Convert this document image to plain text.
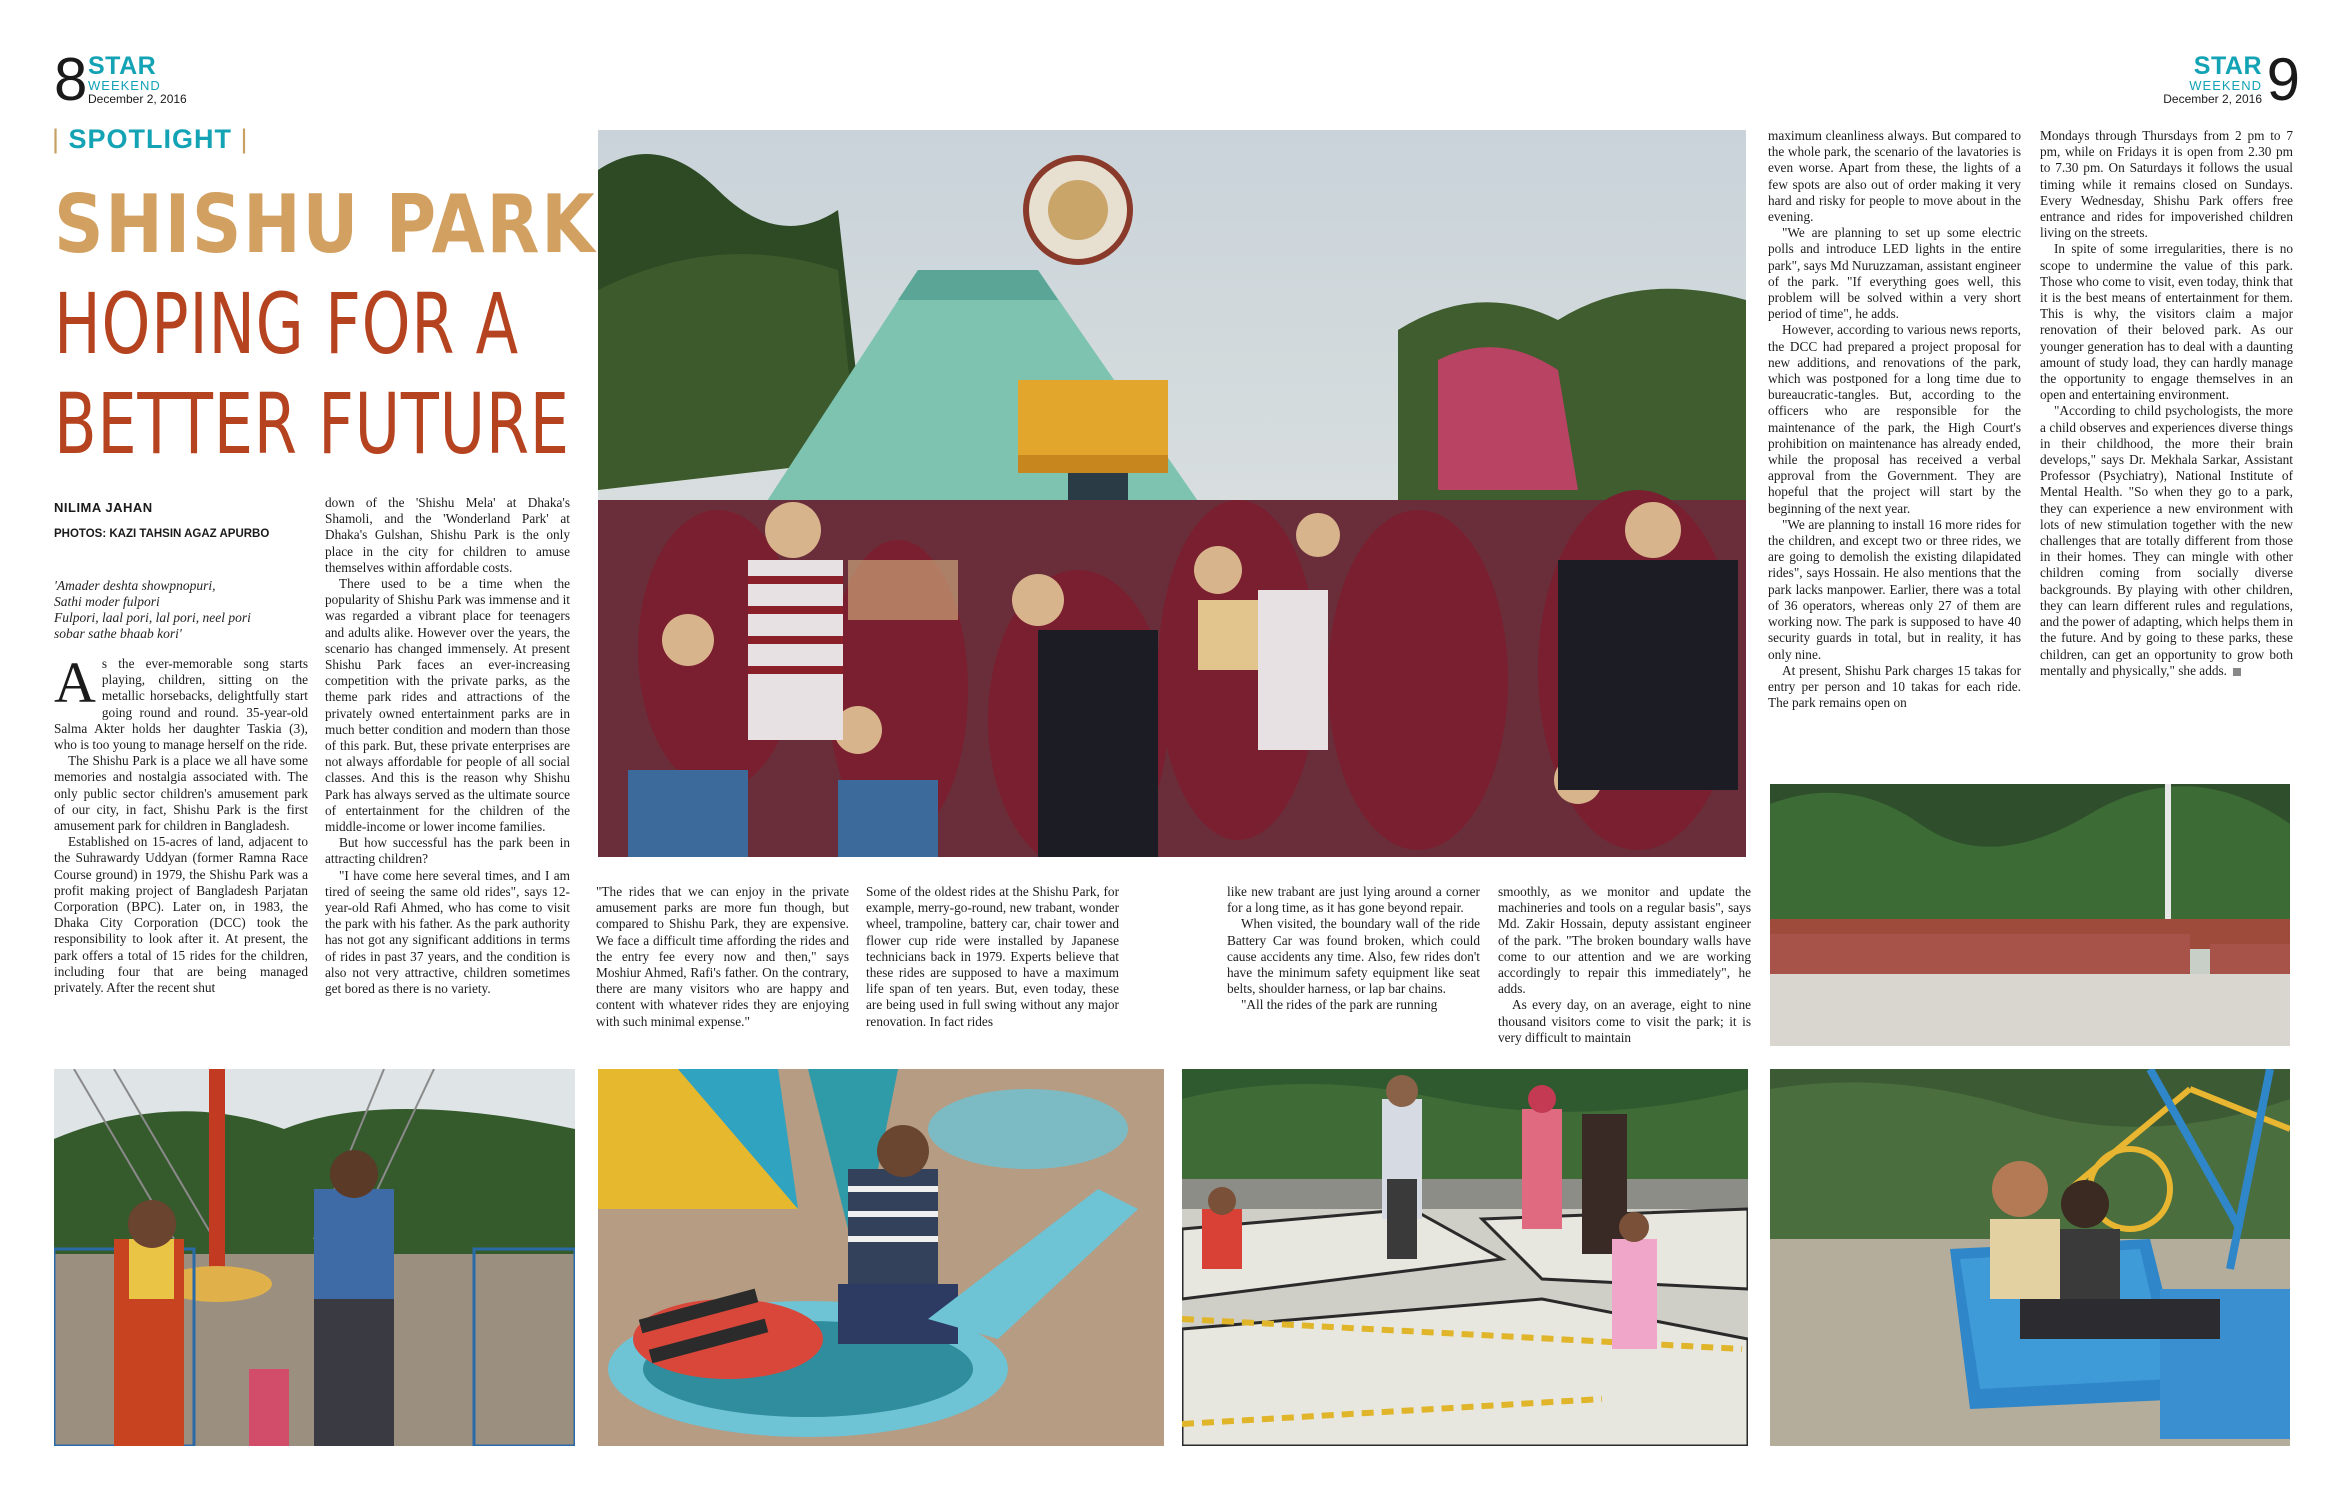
8 STAR
WEEKEND
December 2, 2016
STAR
WEEKEND
December 2, 2016 9
| SPOTLIGHT |
SHISHU PARK
HOPING FOR A
BETTER FUTURE
NILIMA JAHAN
PHOTOS: KAZI TAHSIN AGAZ APURBO
'Amader deshta showpnopuri,
Sathi moder fulpori
Fulpori, laal pori, lal pori, neel pori
sobar sathe bhaab kori'

As the ever-memorable song starts playing, children, sitting on the metallic horsebacks, delightfully start going round and round. 35-year-old Salma Akter holds her daughter Taskia (3), who is too young to manage herself on the ride.

The Shishu Park is a place we all have some memories and nostalgia associated with. The only public sector children's amusement park of our city, in fact, Shishu Park is the first amusement park for children in Bangladesh.

Established on 15-acres of land, adjacent to the Suhrawardy Uddyan (former Ramna Race Course ground) in 1979, the Shishu Park was a profit making project of Bangladesh Parjatan Corporation (BPC). Later on, in 1983, the Dhaka City Corporation (DCC) took the responsibility to look after it. At present, the park offers a total of 15 rides for the children, including four that are being managed privately. After the recent shut

down of the 'Shishu Mela' at Dhaka's Shamoli, and the 'Wonderland Park' at Dhaka's Gulshan, Shishu Park is the only place in the city for children to amuse themselves within affordable costs.

There used to be a time when the popularity of Shishu Park was immense and it was regarded a vibrant place for teenagers and adults alike. However over the years, the scenario has changed immensely. At present Shishu Park faces an ever-increasing competition with the private parks, as the theme park rides and attractions of the privately owned entertainment parks are in much better condition and modern than those of this park. But, these private enterprises are not always affordable for people of all social classes. And this is the reason why Shishu Park has always served as the ultimate source of entertainment for the children of the middle-income or lower income families.

But how successful has the park been in attracting children?

"I have come here several times, and I am tired of seeing the same old rides", says 12-year-old Rafi Ahmed, who has come to visit the park with his father. As the park authority has not got any significant additions in terms of rides in past 37 years, and the condition is also not very attractive, children sometimes get bored as there is no variety.

"The rides that we can enjoy in the private amusement parks are more fun though, but compared to Shishu Park, they are expensive. We face a difficult time affording the rides and the entry fee every now and then," says Moshiur Ahmed, Rafi's father. On the contrary, there are many visitors who are happy and content with whatever rides they are enjoying with such minimal expense."

Some of the oldest rides at the Shishu Park, for example, merry-go-round, new trabant, wonder wheel, trampoline, battery car, chair tower and flower cup ride were installed by Japanese technicians back in 1979. Experts believe that these rides are supposed to have a maximum life span of ten years. But, even today, these are being used in full swing without any major renovation. In fact rides

like new trabant are just lying around a corner for a long time, as it has gone beyond repair.

When visited, the boundary wall of the ride Battery Car was found broken, which could cause accidents any time. Also, few rides don't have the minimum safety equipment like seat belts, shoulder harness, or lap bar chains.

"All the rides of the park are running

smoothly, as we monitor and update the machineries and tools on a regular basis", says Md. Zakir Hossain, deputy assistant engineer of the park. "The broken boundary walls have come to our attention and we are working accordingly to repair this immediately", he adds.

As every day, on an average, eight to nine thousand visitors come to visit the park; it is very difficult to maintain

maximum cleanliness always. But compared to the whole park, the scenario of the lavatories is even worse. Apart from these, the lights of a few spots are also out of order making it very hard and risky for people to move about in the evening.

"We are planning to set up some electric polls and introduce LED lights in the entire park", says Md Nuruzzaman, assistant engineer of the park. "If everything goes well, this problem will be solved within a very short period of time", he adds.

However, according to various news reports, the DCC had prepared a project proposal for new additions, and renovations of the park, which was postponed for a long time due to bureaucratic-tangles. But, according to the officers who are responsible for the maintenance of the park, the High Court's prohibition on maintenance has already ended, while the proposal has received a verbal approval from the Government. They are hopeful that the project will start by the beginning of the next year.

"We are planning to install 16 more rides for the children, and except two or three rides, we are going to demolish the existing dilapidated rides", says Hossain. He also mentions that the park lacks manpower. Earlier, there was a total of 36 operators, whereas only 27 of them are working now. The park is supposed to have 40 security guards in total, but in reality, it has only nine.

At present, Shishu Park charges 15 takas for entry per person and 10 takas for each ride. The park remains open on

Mondays through Thursdays from 2 pm to 7 pm, while on Fridays it is open from 2.30 pm to 7.30 pm. On Saturdays it follows the usual timing while it remains closed on Sundays. Every Wednesday, Shishu Park offers free entrance and rides for impoverished children living on the streets.

In spite of some irregularities, there is no scope to undermine the value of this park. Those who come to visit, even today, think that it is the best means of entertainment for them. This is why, the visitors claim a major renovation of their beloved park. As our younger generation has to deal with a daunting amount of study load, they can hardly manage the opportunity to engage themselves in an open and entertaining environment.

"According to child psychologists, the more a child observes and experiences diverse things in their childhood, the more their brain develops," says Dr. Mekhala Sarkar, Assistant Professor (Psychiatry), National Institute of Mental Health. "So when they go to a park, they can experience a new environment with lots of new stimulation together with the new challenges that are totally different from those in their homes. They can mingle with other children coming from socially diverse backgrounds. By playing with other children, they can learn different rules and regulations, and the power of adapting, which helps them in the future. And by going to these parks, these children, can get an opportunity to grow both mentally and physically," she adds.
